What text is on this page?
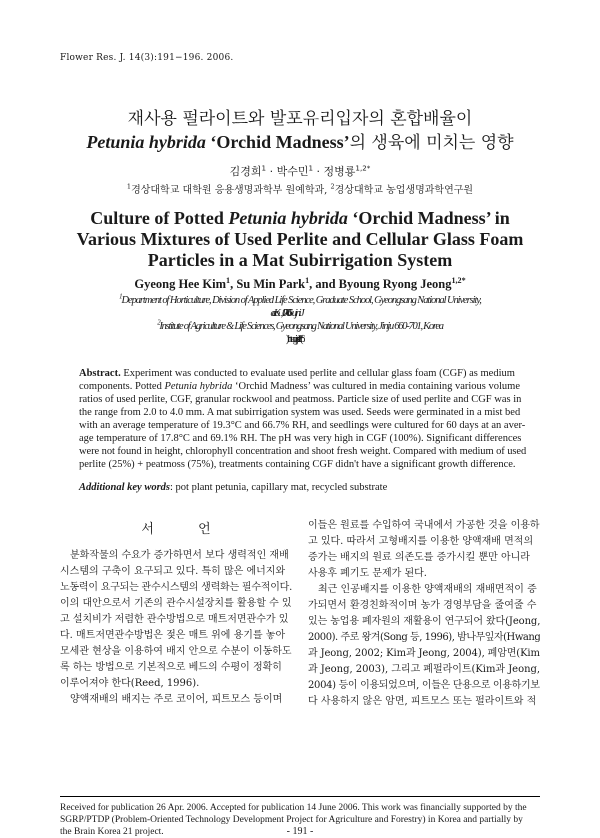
Flower Res. J. 14(3):191−196. 2006.
재사용 펄라이트와 발포유리입자의 혼합배율이
Petunia hybrida ‘Orchid Madness’의 생육에 미치는 영향
김경희$^1$ · 박수민$^1$ · 정병룡$^{1,2*}$
$^1$경상대학교 대학원 응용생명과학부 원예학과, $^2$경상대학교 농업생명과학연구원
Culture of Potted Petunia hybrida ‘Orchid Madness’ in
Various Mixtures of Used Perlite and Cellular Glass Foam
Particles in a Mat Subirrigation System
Gyeong Hee Kim$^1$, Su Min Park$^1$, and Byoung Ryong Jeong$^{1,2*}$
$^1$Department of Horticulture, Division of Applied Life Science, Graduate School, Gyeongsang National University,
$^2$Institute of Agriculture & Life Sciences, Gyeongsang National University, Jinju 660-701, Korea
Abstract. Experiment was conducted to evaluate used perlite and cellular glass foam (CGF) as medium
components. Potted Petunia hybrida ‘Orchid Madness’ was cultured in media containing various volume
ratios of used perlite, CGF, granular rockwool and peatmoss. Particle size of used perlite and CGF was in
the range from 2.0 to 4.0 mm. A mat subirrigation system was used. Seeds were germinated in a mist bed
with an average temperature of 19.3°C and 66.7% RH, and seedlings were cultured for 60 days at an aver-
age temperature of 17.8°C and 69.1% RH. The pH was very high in CGF (100%). Significant differences
were not found in height, chlorophyll concentration and shoot fresh weight. Compared with medium of used
perlite (25%) + peatmoss (75%), treatments containing CGF didn't have a significant growth difference.
Additional key words: pot plant petunia, capillary mat, recycled substrate
서 언
분화작물의 수요가 증가하면서 보다 생력적인 재배
시스템의 구축이 요구되고 있다. 특히 많은 에너지와
노동력이 요구되는 관수시스템의 생력화는 필수적이다.
이의 대안으로서 기존의 관수시설장치를 활용할 수 있
고 설치비가 저렴한 관수방법으로 매트저면관수가 있
다. 매트저면관수방법은 젖은 매트 위에 용기를 놓아
모세관 현상을 이용하여 배지 안으로 수분이 이동하도
록 하는 방법으로 기본적으로 베드의 수평이 정확히
이루어져야 한다(Reed, 1996).
양액재배의 배지는 주로 코이어, 피트모스 등이며
이들은 원료를 수입하여 국내에서 가공한 것을 이용하
고 있다. 따라서 고형배지를 이용한 양액재배 면적의
증가는 배지의 원료 의존도를 증가시킬 뿐만 아니라
사용후 폐기도 문제가 된다.
최근 인공배지를 이용한 양액재배의 재배면적이 증
가되면서 환경친화적이며 농가 경영부담을 줄여줄 수
있는 농업용 폐자원의 재활용이 연구되어 왔다(Jeong,
2000). 주로 왕겨(Song 등, 1996), 밤나무잎자(Hwang
과 Jeong, 2002; Kim과 Jeong, 2004), 폐암면(Kim
과 Jeong, 2003), 그리고 폐펄라이트(Kim과 Jeong,
2004) 등이 이용되었으며, 이들은 단용으로 이용하기보
다 사용하지 않은 암면, 피트모스 또는 펄라이트와 적
Received for publication 26 Apr. 2006. Accepted for publication 14 June 2006. This work was financially supported by the
SGRP/PTDP (Problem-Oriented Technology Development Project for Agriculture and Forestry) in Korea and partially by
the Brain Korea 21 project.	- 191 -
